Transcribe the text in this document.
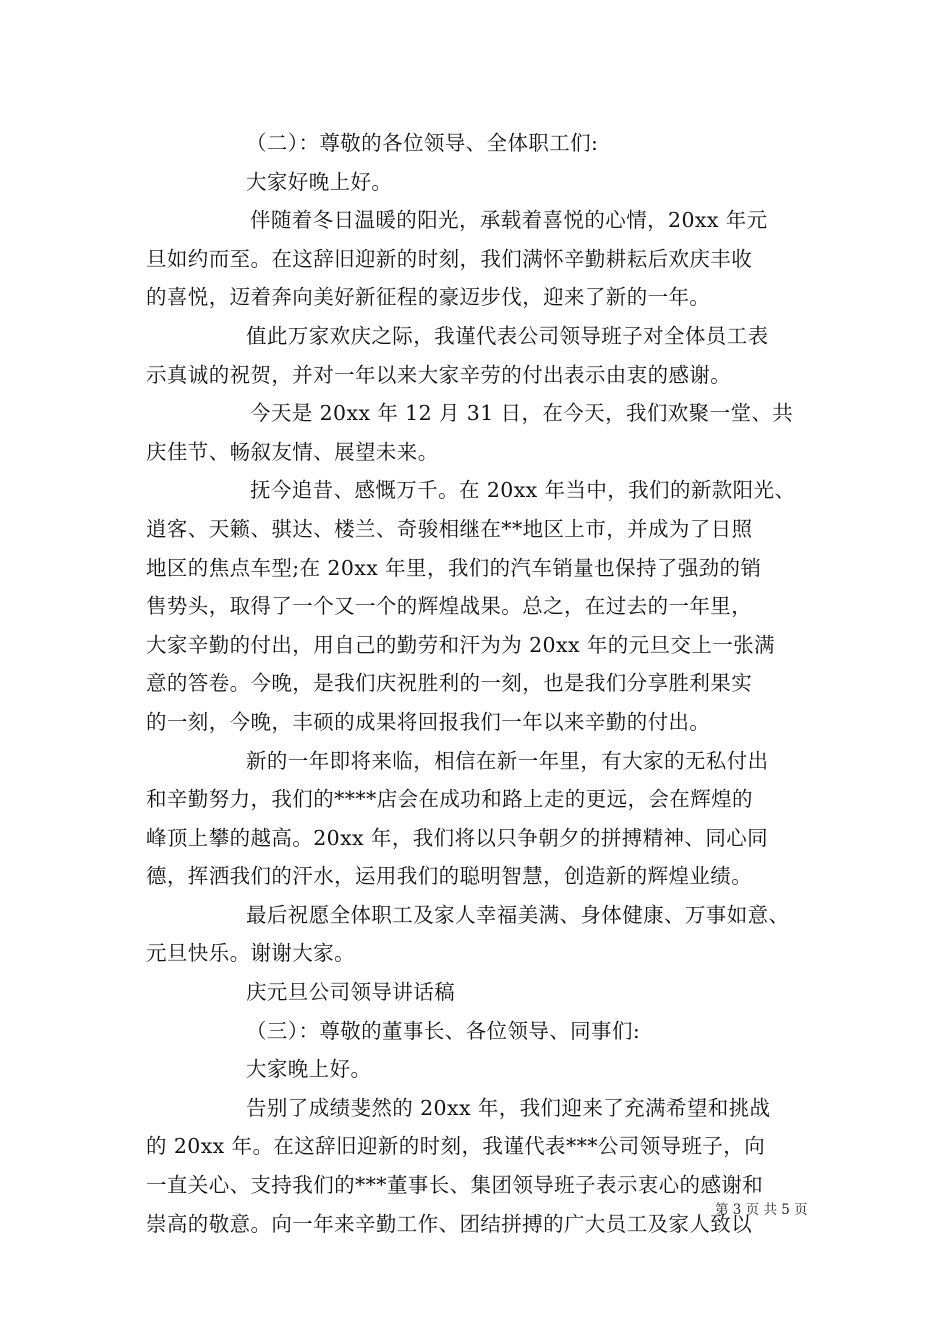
（二）：尊敬的各位领导、全体职工们:
大家好晚上好。
伴随着冬日温暖的阳光，承载着喜悦的心情，20xx 年元
旦如约而至。在这辞旧迎新的时刻，我们满怀辛勤耕耘后欢庆丰收
的喜悦，迈着奔向美好新征程的豪迈步伐，迎来了新的一年。
值此万家欢庆之际，我谨代表公司领导班子对全体员工表
示真诚的祝贺，并对一年以来大家辛劳的付出表示由衷的感谢。
今天是 20xx 年 12 月 31 日，在今天，我们欢聚一堂、共
庆佳节、畅叙友情、展望未来。
抚今追昔、感慨万千。在 20xx 年当中，我们的新款阳光、
逍客、天籁、骐达、楼兰、奇骏相继在**地区上市，并成为了日照
地区的焦点车型;在 20xx 年里，我们的汽车销量也保持了强劲的销
售势头，取得了一个又一个的辉煌战果。总之，在过去的一年里，
大家辛勤的付出，用自己的勤劳和汗为为 20xx 年的元旦交上一张满
意的答卷。今晚，是我们庆祝胜利的一刻，也是我们分享胜利果实
的一刻，今晚，丰硕的成果将回报我们一年以来辛勤的付出。
新的一年即将来临，相信在新一年里，有大家的无私付出
和辛勤努力，我们的****店会在成功和路上走的更远，会在辉煌的
峰顶上攀的越高。20xx 年，我们将以只争朝夕的拼搏精神、同心同
德，挥洒我们的汗水，运用我们的聪明智慧，创造新的辉煌业绩。
最后祝愿全体职工及家人幸福美满、身体健康、万事如意、
元旦快乐。谢谢大家。
庆元旦公司领导讲话稿
（三）：尊敬的董事长、各位领导、同事们:
大家晚上好。
告别了成绩斐然的 20xx 年，我们迎来了充满希望和挑战
的 20xx 年。在这辞旧迎新的时刻，我谨代表***公司领导班子，向
一直关心、支持我们的***董事长、集团领导班子表示衷心的感谢和
崇高的敬意。向一年来辛勤工作、团结拼搏的广大员工及家人致以
第 3 页 共 5 页
